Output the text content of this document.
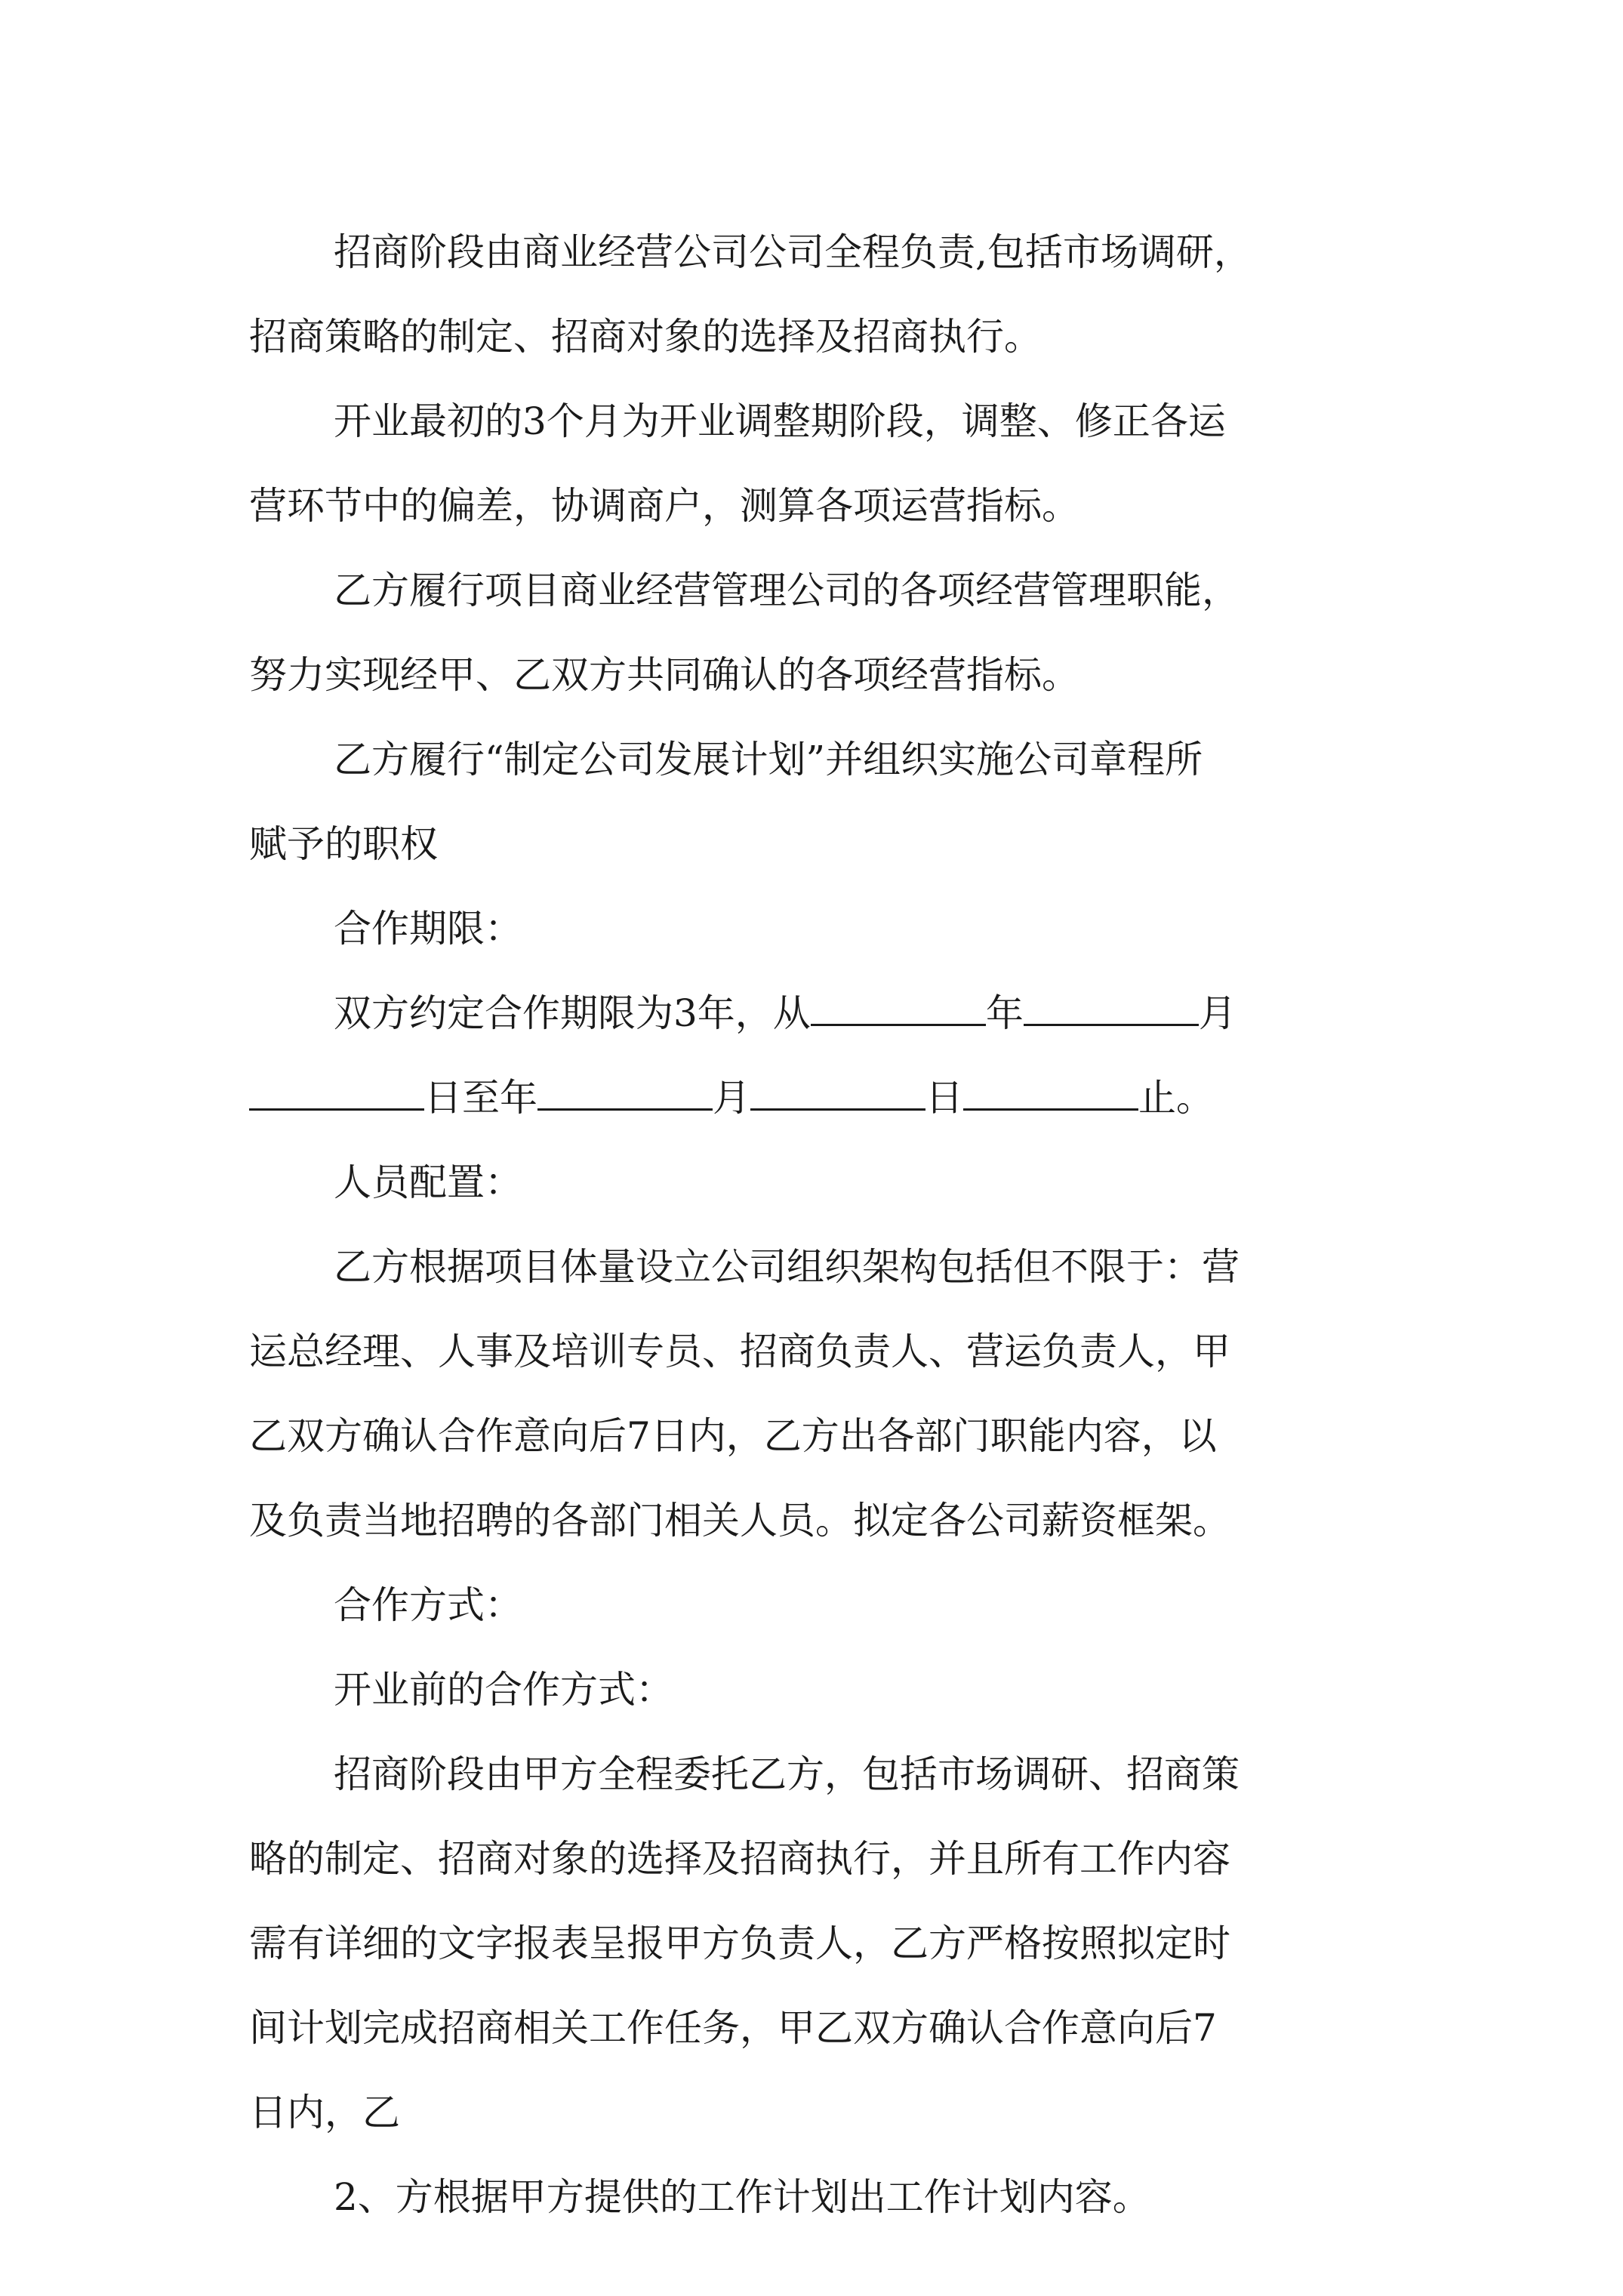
招商阶段由商业经营公司公司全程负责,包括市场调研，
招商策略的制定、招商对象的选择及招商执行。
开业最初的3个月为开业调整期阶段，调整、修正各运
营环节中的偏差，协调商户，测算各项运营指标。
乙方履行项目商业经营管理公司的各项经营管理职能，
努力实现经甲、乙双方共同确认的各项经营指标。
乙方履行“制定公司发展计划”并组织实施公司章程所
赋予的职权
合作期限：
双方约定合作期限为3年，从	年	月
日至年	月	日	止。
人员配置：
乙方根据项目体量设立公司组织架构包括但不限于：营
运总经理、人事及培训专员、招商负责人、营运负责人，甲
乙双方确认合作意向后7日内，乙方出各部门职能内容，以
及负责当地招聘的各部门相关人员。拟定各公司薪资框架。
合作方式：
开业前的合作方式：
招商阶段由甲方全程委托乙方，包括市场调研、招商策
略的制定、招商对象的选择及招商执行，并且所有工作内容
需有详细的文字报表呈报甲方负责人，乙方严格按照拟定时
间计划完成招商相关工作任务，甲乙双方确认合作意向后7
日内，乙
2、方根据甲方提供的工作计划出工作计划内容。
